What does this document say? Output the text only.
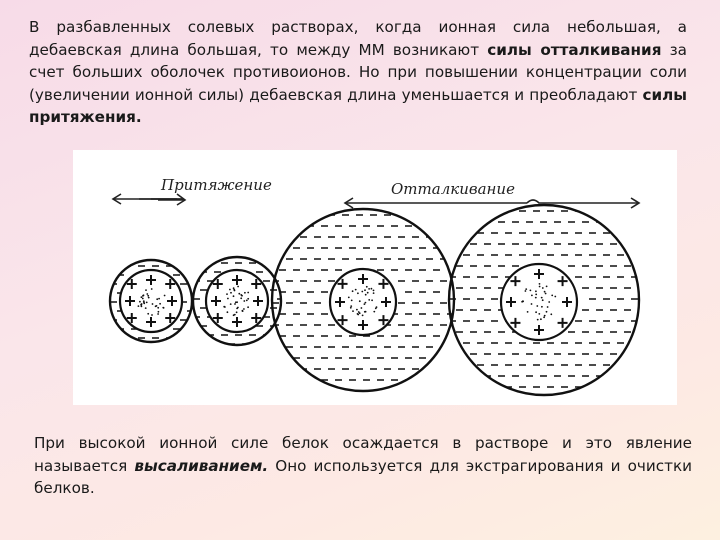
В разбавленных солевых растворах, когда ионная сила небольшая, а дебаевская длина большая, то между ММ возникают силы отталкивания за счет больших оболочек противоионов. Но при повышении концентрации соли (увеличении ионной силы) дебаевская длина уменьшается и преобладают силы притяжения.

Притяжение	Отталкивание

При высокой ионной силе белок осаждается в растворе и это явление называется высаливанием. Оно используется для экстрагирования и очистки белков.
